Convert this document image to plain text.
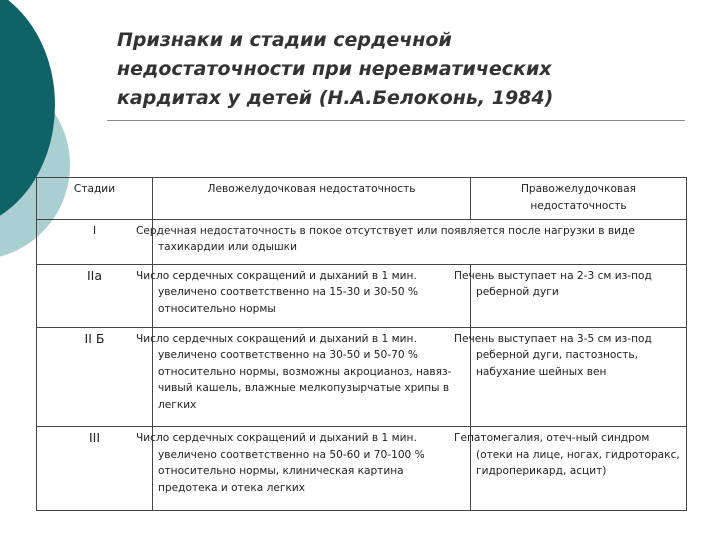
Признаки и стадии сердечной
недостаточности при неревматических
кардитах у детей (Н.А.Белоконь, 1984)
Стадии	Левожелудочковая недостаточность	Правожелудочковая недостаточность
I	Сердечная недостаточность в покое отсутствует или появляется после нагрузки в виде тахикардии или одышки	
IIa	Число сердечных сокращений и дыханий в 1 мин. увеличено соответственно на 15-30 и 30-50 % относительно нормы	Печень выступает на 2-3 см из-под реберной дуги
II Б	Число сердечных сокращений и дыханий в 1 мин. увеличено соответственно на 30-50 и 50-70 % относительно нормы, возможны акроцианоз, навяз-чивый кашель, влажные мелкопузырчатые хрипы в легких	Печень выступает на 3-5 см из-под реберной дуги, пастозность, набухание шейных вен
III	Число сердечных сокращений и дыханий в 1 мин. увеличено соответственно на 50-60 и 70-100 % относительно нормы, клиническая картина предотека и отека легких	Гепатомегалия, отеч-ный синдром (отеки на лице, ногах, гидроторакс, гидроперикард, асцит)
